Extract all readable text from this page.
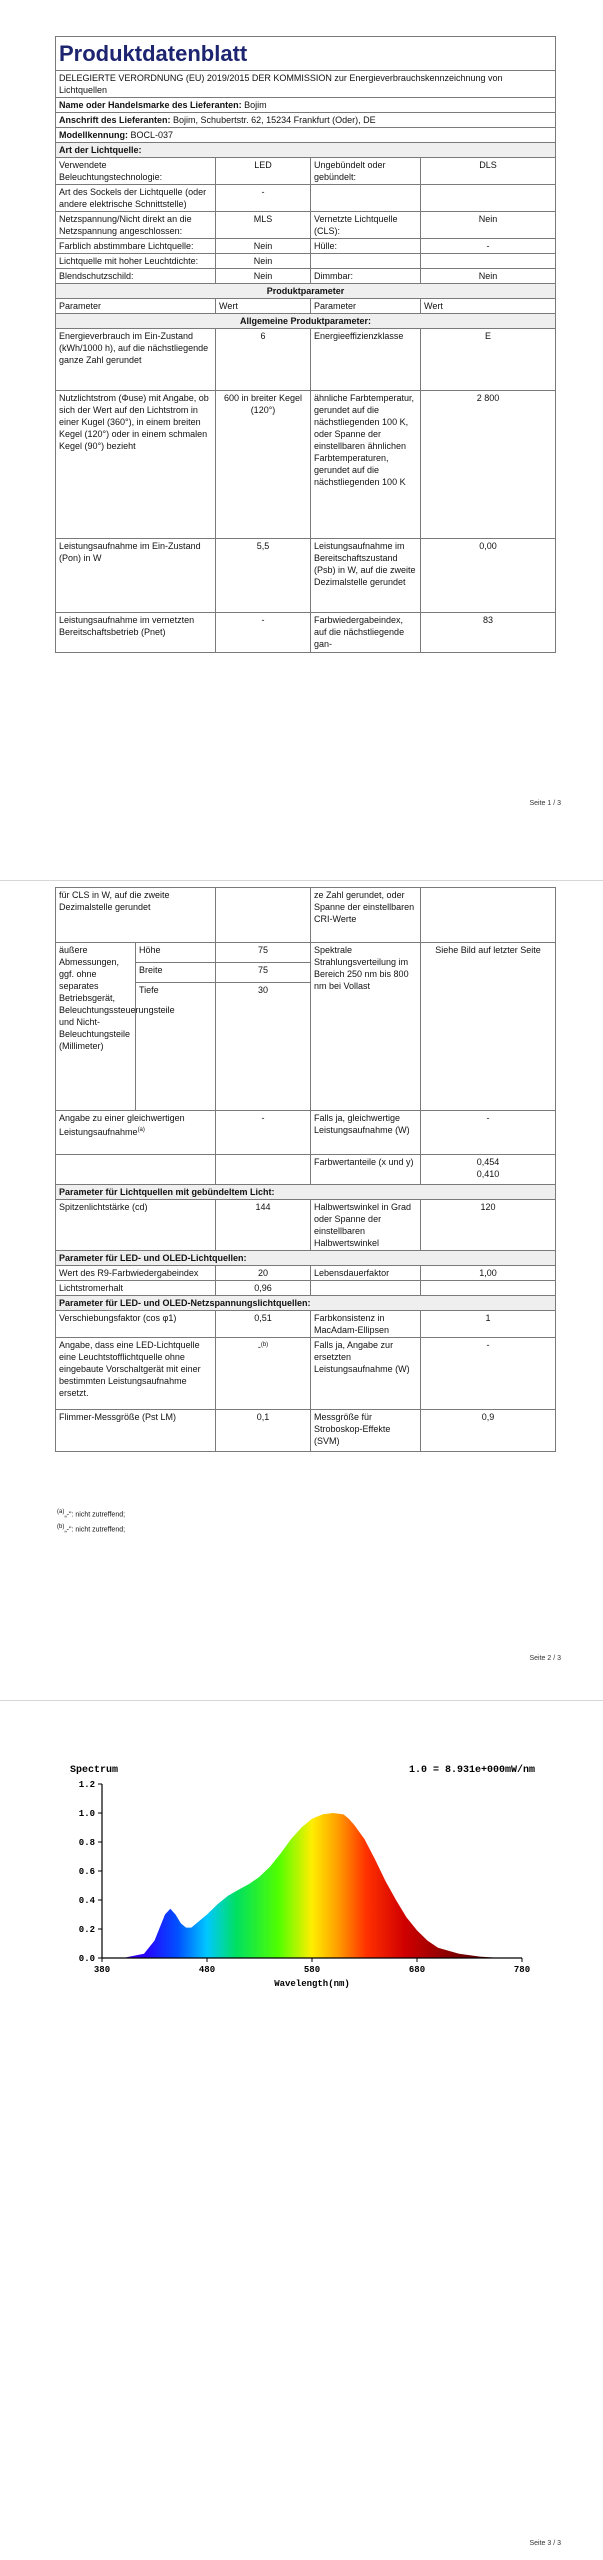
Produktdatenblatt			
DELEGIERTE VERORDNUNG (EU) 2019/2015 DER KOMMISSION zur Energieverbrauchskennzeichnung von Lichtquellen			
Name oder Handelsmarke des Lieferanten: Bojim			
Anschrift des Lieferanten: Bojim, Schubertstr. 62, 15234 Frankfurt (Oder), DE			
Modellkennung: BOCL-037			
Art der Lichtquelle:			
Verwendete Beleuchtungstechnologie:	LED	Ungebündelt oder gebündelt:	DLS
Art des Sockels der Lichtquelle (oder andere elektrische Schnittstelle)	-		
Netzspannung/Nicht direkt an die Netzspannung angeschlossen:	MLS	Vernetzte Lichtquelle (CLS):	Nein
Farblich abstimmbare Lichtquelle:	Nein	Hülle:	-
Lichtquelle mit hoher Leuchtdichte:	Nein		
Blendschutzschild:	Nein	Dimmbar:	Nein
Produktparameter			
Parameter	Wert	Parameter	Wert
Allgemeine Produktparameter:			
Energieverbrauch im Ein-Zustand (kWh/1000 h), auf die nächstliegende ganze Zahl gerundet	6	Energieeffizienzklasse	E
Nutzlichtstrom (Φuse) mit Angabe, ob sich der Wert auf den Lichtstrom in einer Kugel (360°), in einem breiten Kegel (120°) oder in einem schmalen Kegel (90°) bezieht	600 in breiter Kegel (120°)	ähnliche Farbtemperatur, gerundet auf die nächstliegenden 100 K, oder Spanne der einstellbaren ähnlichen Farbtemperaturen, gerundet auf die nächstliegenden 100 K	2 800
Leistungsaufnahme im Ein-Zustand (Pon) in W	5,5	Leistungsaufnahme im Bereitschaftszustand (Psb) in W, auf die zweite Dezimalstelle gerundet	0,00
Leistungsaufnahme im vernetzten Bereitschaftsbetrieb (Pnet)	-	Farbwiedergabeindex, auf die nächstliegende gan-	83
Seite 1 / 3
für CLS in W, auf die zweite Dezimalstelle gerundet			ze Zahl gerundet, oder Spanne der einstellbaren CRI-Werte	
äußere Abmessungen, ggf. ohne separates Betriebsgerät, Beleuchtungssteuerungsteile und Nicht-Beleuchtungsteile (Millimeter)	Höhe	75	Spektrale Strahlungsverteilung im Bereich 250 nm bis 800 nm bei Vollast	Siehe Bild auf letzter Seite
	Breite	75		
	Tiefe	30		
Angabe zu einer gleichwertigen Leistungsaufnahme$^{(a)}$		-	Falls ja, gleichwertige Leistungsaufnahme (W)	-
			Farbwertanteile (x und y)	0,454
0,410
Parameter für Lichtquellen mit gebündeltem Licht:				
Spitzenlichtstärke (cd)		144	Halbwertswinkel in Grad oder Spanne der einstellbaren Halbwertswinkel	120
Parameter für LED- und OLED-Lichtquellen:				
Wert des R9-Farbwiedergabeindex		20	Lebensdauerfaktor	1,00
Lichtstromerhalt		0,96		
Parameter für LED- und OLED-Netzspannungslichtquellen:				
Verschiebungsfaktor (cos φ1)		0,51	Farbkonsistenz in MacAdam-Ellipsen	1
Angabe, dass eine LED-Lichtquelle eine Leuchtstofflichtquelle ohne eingebaute Vorschaltgerät mit einer bestimmten Leistungsaufnahme ersetzt.		-$^{(b)}$	Falls ja, Angabe zur ersetzten Leistungsaufnahme (W)	-
Flimmer-Messgröße (Pst LM)		0,1	Messgröße für Stroboskop-Effekte (SVM)	0,9
$^{(a)}$„-": nicht zutreffend;
$^{(b)}$„-": nicht zutreffend;
Seite 2 / 3
Spectrum	1.0 = 8.931e+000mW/nm
0.0
0.2
0.4
0.6
0.8
1.0
1.2
380	480	580	680	780
Wavelength(nm)
Seite 3 / 3
